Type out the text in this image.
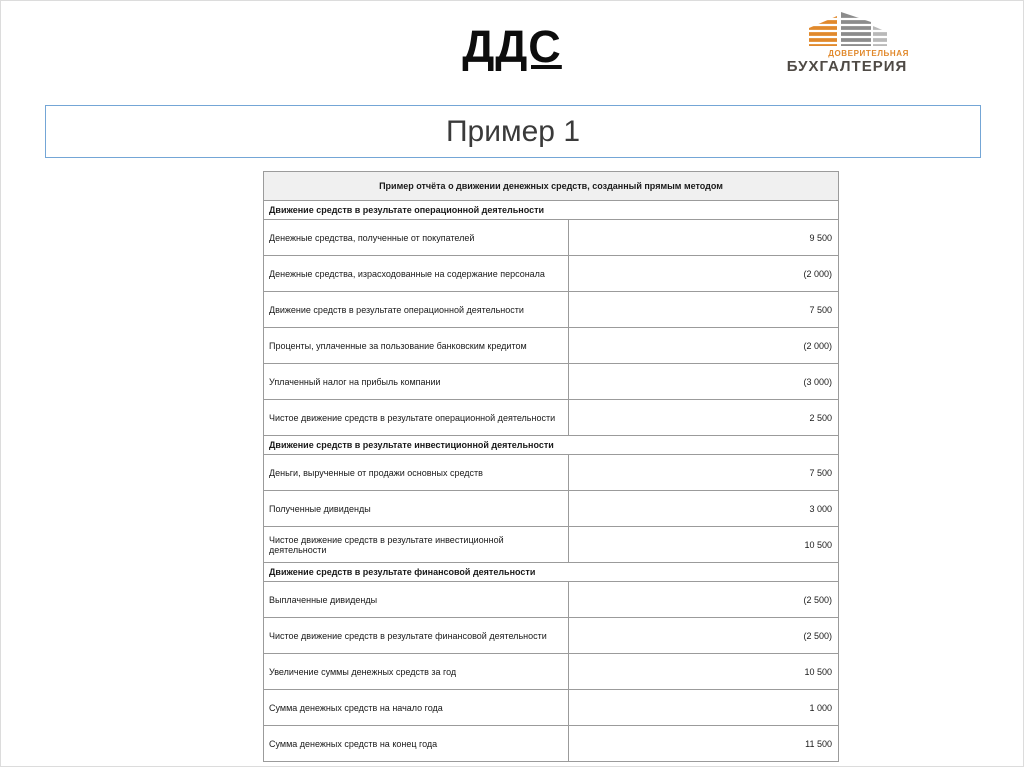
ДДС	ДОВЕРИТЕЛЬНАЯ
БУХГАЛТЕРИЯ
Пример 1
Пример отчёта о движении денежных средств, созданный прямым методом
Движение средств в результате операционной деятельности
Денежные средства, полученные от покупателей	9 500
Денежные средства, израсходованные на содержание персонала	(2 000)
Движение средств в результате операционной деятельности	7 500
Проценты, уплаченные за пользование банковским кредитом	(2 000)
Уплаченный налог на прибыль компании	(3 000)
Чистое движение средств в результате операционной деятельности	2 500
Движение средств в результате инвестиционной деятельности
Деньги, вырученные от продажи основных средств	7 500
Полученные дивиденды	3 000
Чистое движение средств в результате инвестиционной деятельности	10 500
Движение средств в результате финансовой деятельности
Выплаченные дивиденды	(2 500)
Чистое движение средств в результате финансовой деятельности	(2 500)
Увеличение суммы денежных средств за год	10 500
Сумма денежных средств на начало года	1 000
Сумма денежных средств на конец года	11 500
